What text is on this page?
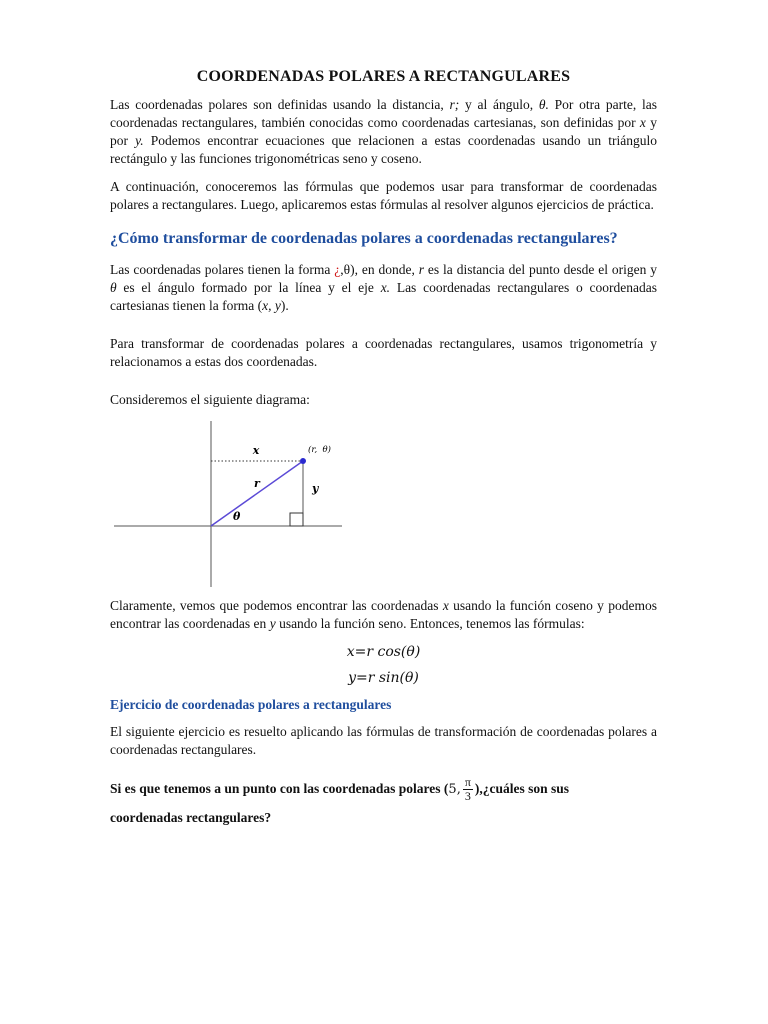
COORDENADAS POLARES A RECTANGULARES

Las coordenadas polares son definidas usando la distancia, r; y al ángulo, θ. Por otra parte, las coordenadas rectangulares, también conocidas como coordenadas cartesianas, son definidas por x y por y. Podemos encontrar ecuaciones que relacionen a estas coordenadas usando un triángulo rectángulo y las funciones trigonométricas seno y coseno.

A continuación, conoceremos las fórmulas que podemos usar para transformar de coordenadas polares a rectangulares. Luego, aplicaremos estas fórmulas al resolver algunos ejercicios de práctica.

¿Cómo transformar de coordenadas polares a coordenadas rectangulares?

Las coordenadas polares tienen la forma ¿,θ), en donde, r es la distancia del punto desde el origen y θ es el ángulo formado por la línea y el eje x. Las coordenadas rectangulares o coordenadas cartesianas tienen la forma (x, y).

Para transformar de coordenadas polares a coordenadas rectangulares, usamos trigonometría y relacionamos a estas dos coordenadas.

Consideremos el siguiente diagrama:

x
y
r
θ
(r,  θ)

Claramente, vemos que podemos encontrar las coordenadas x usando la función coseno y podemos encontrar las coordenadas en y usando la función seno. Entonces, tenemos las fórmulas:

x=r cos(θ)
y=r sin(θ)
Ejercicio de coordenadas polares a rectangulares

El siguiente ejercicio es resuelto aplicando las fórmulas de transformación de coordenadas polares a coordenadas rectangulares.

Si es que tenemos a un punto con las coordenadas polares (5, $\frac{\pi}{3}$ ),¿cuáles son sus
coordenadas rectangulares?
